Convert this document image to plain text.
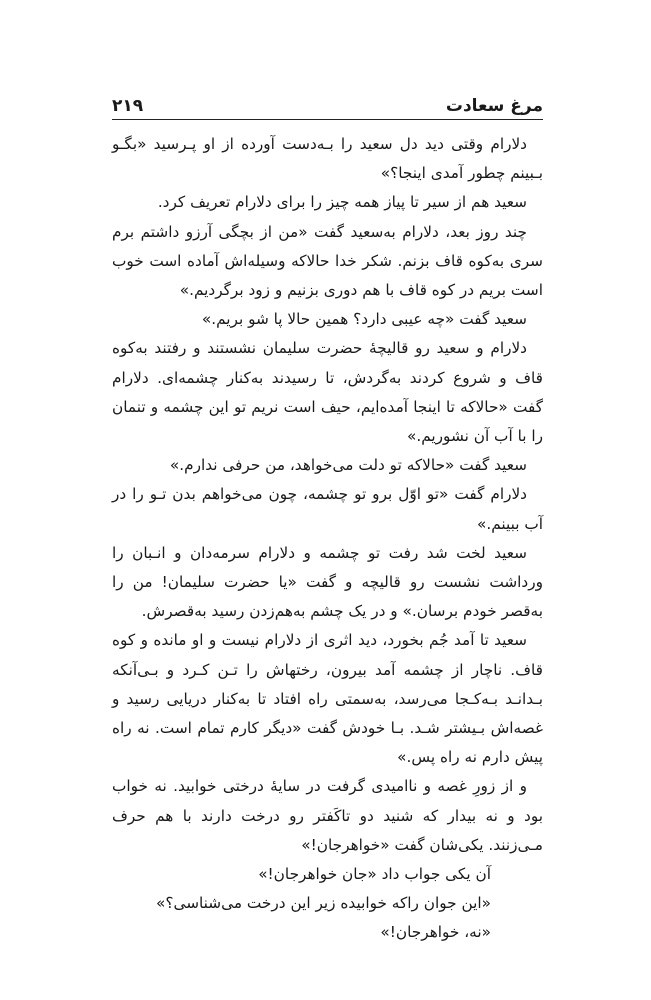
مرغ سعادت
۲۱۹

دلارام وقتی دید دل سعید را بـه‌دست آورده از او پـرسید «بگـو بـبینم چطور آمدی اینجا؟»

سعید هم از سیر تا پیاز همه چیز را برای دلارام تعریف کرد.

چند روز بعد، دلارام به‌سعید گفت «من از بچگی آرزو داشتم برم سری به‌کوه قاف بزنم. شکر خدا حالاکه وسیله‌اش آماده است خوب است بریم در کوه قاف با هم دوری بزنیم و زود برگردیم.»

سعید گفت «چه عیبی دارد؟ همین حالا پا شو بریم.»

دلارام و سعید رو قالیچهٔ حضرت سلیمان نشستند و رفتند به‌کوه قاف و شروع کردند به‌گردش، تا رسیدند به‌کنار چشمه‌ای. دلارام گفت «حالا‌که تا اینجا آمده‌ایم، حیف است نریم تو این چشمه و تنمان را با آب آن نشوریم.»

سعید گفت «حالاکه تو دلت می‌خواهد، من حرفی ندارم.»

دلارام گفت «تو اوّل برو تو چشمه، چون می‌خواهم بدن تـو را در آب ببینم.»

سعید لخت شد رفت تو چشمه و دلارام سرمه‌دان و انـبان را ورداشت نشست رو قالیچه و گفت «یا حضرت سلیمان! من را به‌قصر خودم برسان.» و در یک چشم به‌هم‌زدن رسید به‌قصرش.

سعید تا آمد جُم بخورد، دید اثری از دلارام نیست و او مانده و کوه قاف. ناچار از چشمه آمد بیرون، رختهاش را تـن کـرد و بـی‌آنکه بـدانـد بـه‌کـجا می‌رسد، به‌سمتی راه افتاد تا به‌کنار دریایی رسید و غصه‌اش بـیشتر شـد. بـا خودش گفت «دیگر کارم تمام است. نه راه پیش دارم نه راه پس.»

و از زورِ غصه و ناامیدی گرفت در سایهٔ درختی خوابید. نه خواب بود و نه بیدار که شنید دو تاکَفتر رو درخت دارند با هم حرف مـی‌زنند. یکی‌شان گفت «خواهرجان!»

آن یکی جواب داد «جان خواهرجان!»

«این جوان راکه خوابیده زیر این درخت می‌شناسی؟»

«نه، خواهرجان!»
